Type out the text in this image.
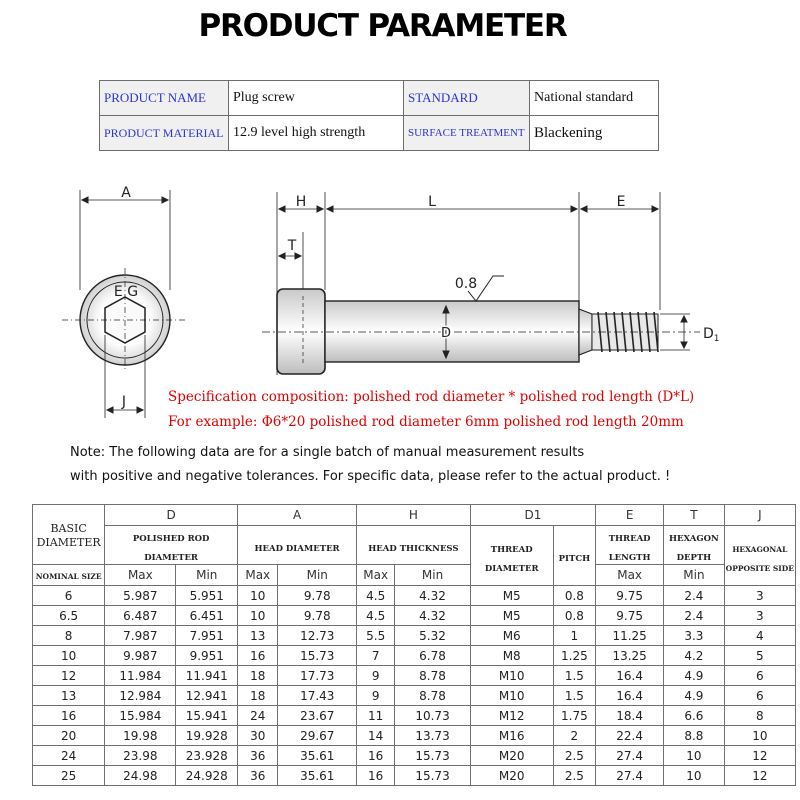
PRODUCT PARAMETER
PRODUCT NAME	Plug screw	STANDARD	National standard
PRODUCT MATERIAL	12.9 level high strength	SURFACE TREATMENT	Blackening
A
E G
J
H	L	E
T
0.8
D	$D_1$
Specification composition: polished rod diameter * polished rod length (D*L)
For example: Φ6*20 polished rod diameter 6mm polished rod length 20mm
Note: The following data are for a single batch of manual measurement results
with positive and negative tolerances. For specific data, please refer to the actual product. !
BASIC DIAMETER	D		A		H		D1		E	T	J
	POLISHED ROD DIAMETER		HEAD DIAMETER		HEAD THICKNESS		THREAD DIAMETER	PITCH	THREAD LENGTH	HEXAGON DEPTH	HEXAGONAL OPPOSITE SIDE
NOMINAL SIZE	Max	Min	Max	Min	Max	Min			Max	Min	
6	5.987	5.951	10	9.78	4.5	4.32	M5	0.8	9.75	2.4	3
6.5	6.487	6.451	10	9.78	4.5	4.32	M5	0.8	9.75	2.4	3
8	7.987	7.951	13	12.73	5.5	5.32	M6	1	11.25	3.3	4
10	9.987	9.951	16	15.73	7	6.78	M8	1.25	13.25	4.2	5
12	11.984	11.941	18	17.73	9	8.78	M10	1.5	16.4	4.9	6
13	12.984	12.941	18	17.43	9	8.78	M10	1.5	16.4	4.9	6
16	15.984	15.941	24	23.67	11	10.73	M12	1.75	18.4	6.6	8
20	19.98	19.928	30	29.67	14	13.73	M16	2	22.4	8.8	10
24	23.98	23.928	36	35.61	16	15.73	M20	2.5	27.4	10	12
25	24.98	24.928	36	35.61	16	15.73	M20	2.5	27.4	10	12
